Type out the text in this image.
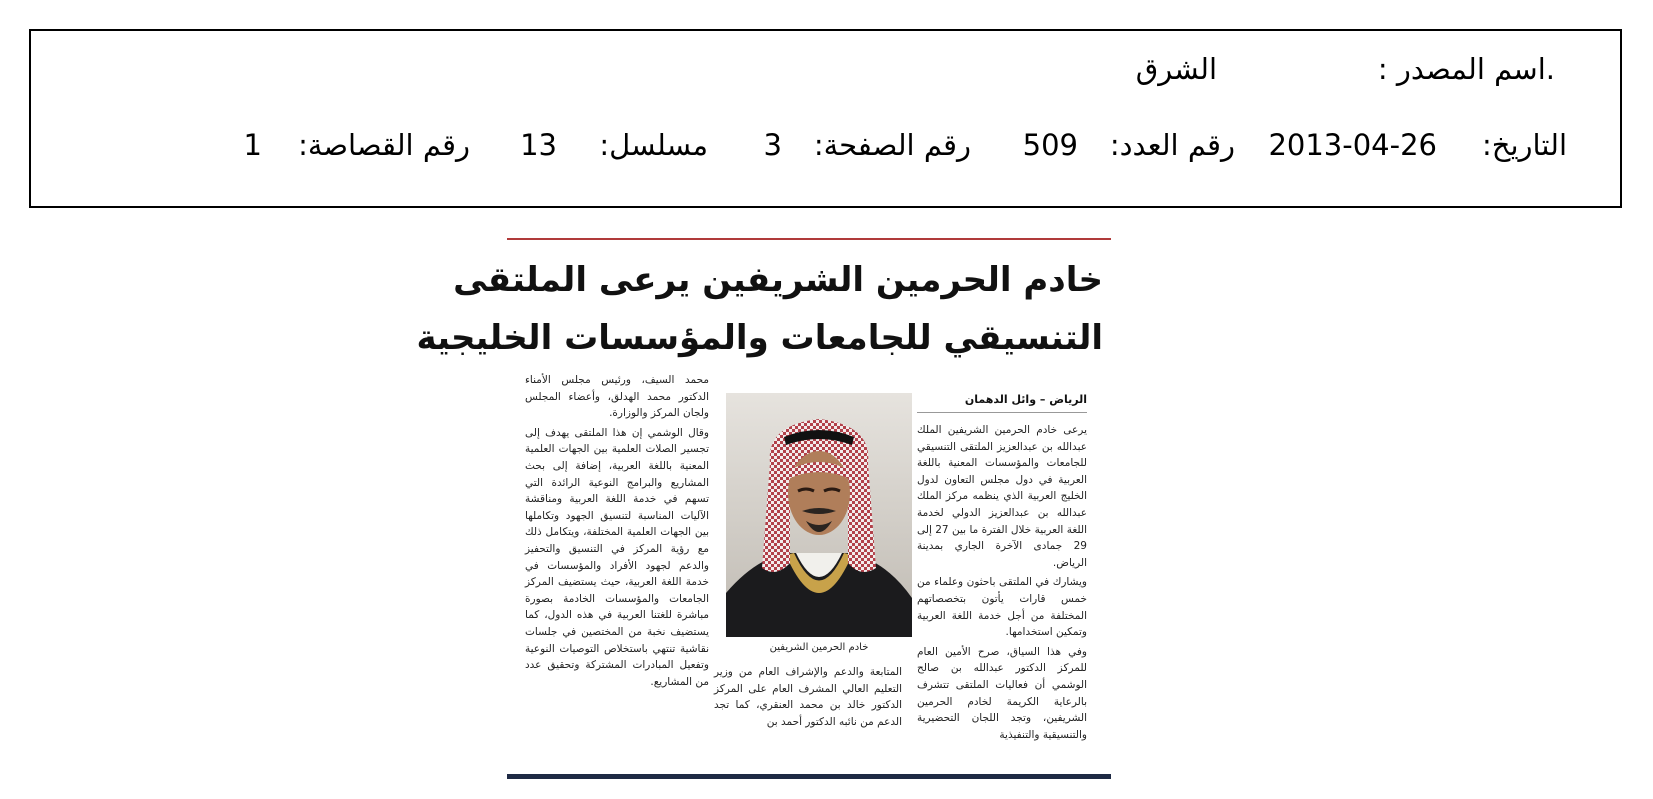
.اسم المصدر :
الشرق
التاريخ:
2013-04-26
رقم العدد:
509
رقم الصفحة:
3
مسلسل:
13
رقم القصاصة:
1
خادم الحرمين الشريفين يرعى الملتقى
التنسيقي للجامعات والمؤسسات الخليجية
الرياض – وائل الدهمان

يرعى خادم الحرمين الشريفين الملك عبدالله بن عبدالعزيز الملتقى التنسيقي للجامعات والمؤسسات المعنية باللغة العربية في دول مجلس التعاون لدول الخليج العربية الذي ينظمه مركز الملك عبدالله بن عبدالعزيز الدولي لخدمة اللغة العربية خلال الفترة ما بين 27 إلى 29 جمادى الآخرة الجاري بمدينة الرياض.

ويشارك في الملتقى باحثون وعلماء من خمس قارات يأتون بتخصصاتهم المختلفة من أجل خدمة اللغة العربية وتمكين استخدامها.

وفي هذا السياق، صرح الأمين العام للمركز الدكتور عبدالله بن صالح الوشمي أن فعاليات الملتقى تتشرف بالرعاية الكريمة لخادم الحرمين الشريفين، وتجد اللجان التحضيرية والتنسيقية والتنفيذية

خادم الحرمين الشريفين

المتابعة والدعم والإشراف العام من وزير التعليم العالي المشرف العام على المركز الدكتور خالد بن محمد العنقري، كما تجد الدعم من نائبه الدكتور أحمد بن

محمد السيف، ورئيس مجلس الأمناء الدكتور محمد الهدلق، وأعضاء المجلس ولجان المركز والوزارة.

وقال الوشمي إن هذا الملتقى يهدف إلى تجسير الصلات العلمية بين الجهات العلمية المعنية باللغة العربية، إضافة إلى بحث المشاريع والبرامج النوعية الرائدة التي تسهم في خدمة اللغة العربية ومناقشة الآليات المناسبة لتنسيق الجهود وتكاملها بين الجهات العلمية المختلفة، ويتكامل ذلك مع رؤية المركز في التنسيق والتحفيز والدعم لجهود الأفراد والمؤسسات في خدمة اللغة العربية، حيث يستضيف المركز الجامعات والمؤسسات الخادمة بصورة مباشرة للغتنا العربية في هذه الدول، كما يستضيف نخبة من المختصين في جلسات نقاشية تنتهي باستخلاص التوصيات النوعية وتفعيل المبادرات المشتركة وتحقيق عدد من المشاريع.
